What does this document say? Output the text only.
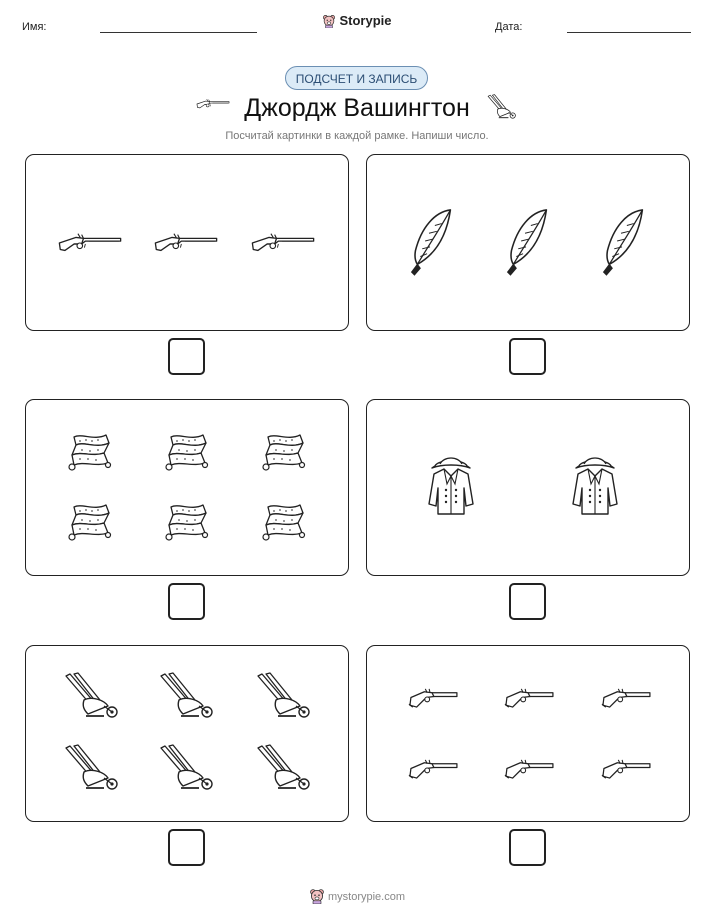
Имя:	Storypie	Дата:
ПОДСЧЕТ И ЗАПИСЬ
Джордж Вашингтон
Посчитай картинки в каждой рамке. Напиши число.
mystorypie.com
